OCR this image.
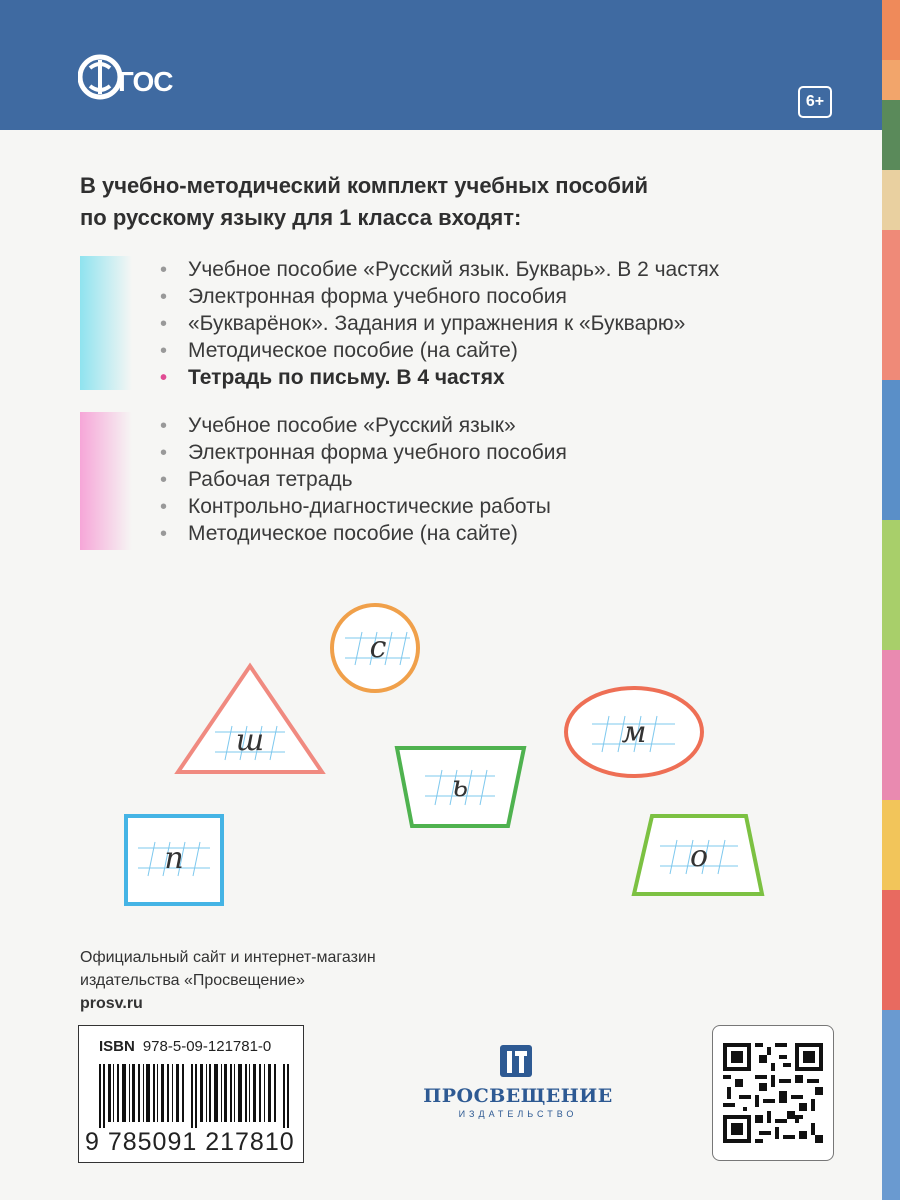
ГОС
6+
В учебно-методический комплект учебных пособий
по русскому языку для 1 класса входят:
• Учебное пособие «Русский язык. Букварь». В 2 частях
• Электронная форма учебного пособия
• «Букварёнок». Задания и упражнения к «Букварю»
• Методическое пособие (на сайте)
• Тетрадь по письму. В 4 частях
• Учебное пособие «Русский язык»
• Электронная форма учебного пособия
• Рабочая тетрадь
• Контрольно-диагностические работы
• Методическое пособие (на сайте)
с
ш
ь
м
п	о
Официальный сайт и интернет-магазин
издательства «Просвещение»
prosv.ru
ISBN 978-5-09-121781-0
9 785091 217810
ПРОСВЕЩЕНИЕ
ИЗДАТЕЛЬСТВО
